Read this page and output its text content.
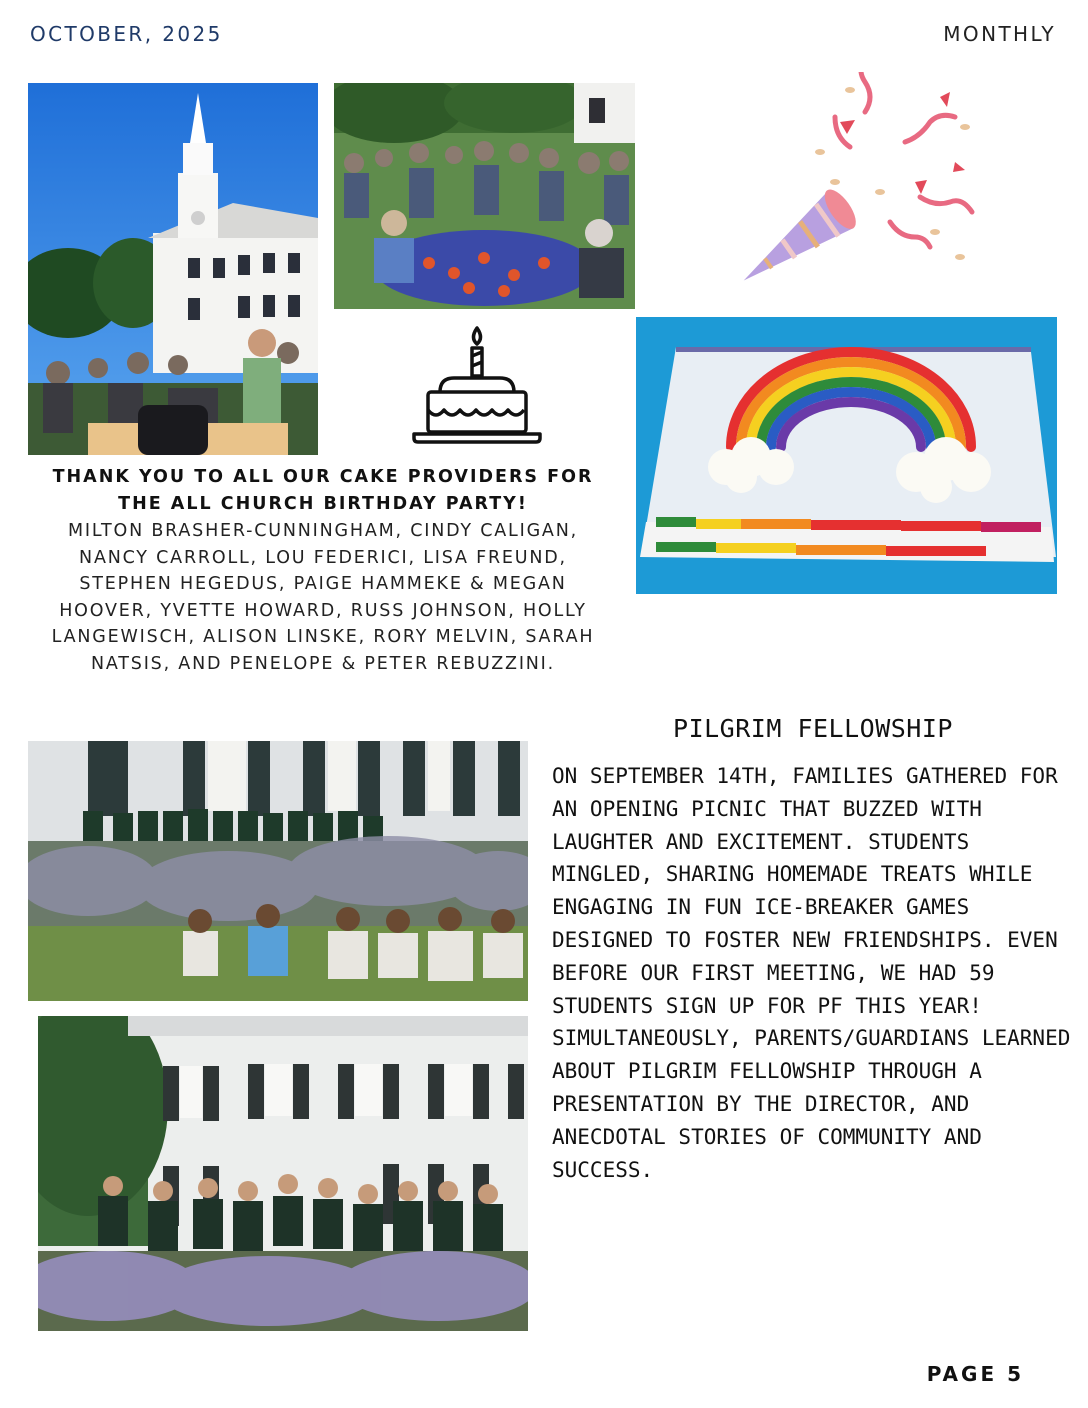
OCTOBER, 2025	MONTHLY
THANK YOU TO ALL OUR CAKE PROVIDERS FOR THE ALL CHURCH BIRTHDAY PARTY!
MILTON BRASHER-CUNNINGHAM, CINDY CALIGAN, NANCY CARROLL, LOU FEDERICI, LISA FREUND, STEPHEN HEGEDUS, PAIGE HAMMEKE & MEGAN HOOVER, YVETTE HOWARD, RUSS JOHNSON, HOLLY LANGEWISCH, ALISON LINSKE, RORY MELVIN, SARAH NATSIS, AND PENELOPE & PETER REBUZZINI.
PILGRIM FELLOWSHIP
ON SEPTEMBER 14TH, FAMILIES GATHERED FOR AN OPENING PICNIC THAT BUZZED WITH LAUGHTER AND EXCITEMENT. STUDENTS MINGLED, SHARING HOMEMADE TREATS WHILE ENGAGING IN FUN ICE-BREAKER GAMES DESIGNED TO FOSTER NEW FRIENDSHIPS. EVEN BEFORE OUR FIRST MEETING, WE HAD 59 STUDENTS SIGN UP FOR PF THIS YEAR! SIMULTANEOUSLY, PARENTS/GUARDIANS LEARNED ABOUT PILGRIM FELLOWSHIP THROUGH A PRESENTATION BY THE DIRECTOR, AND ANECDOTAL STORIES OF COMMUNITY AND SUCCESS.
PAGE 5
